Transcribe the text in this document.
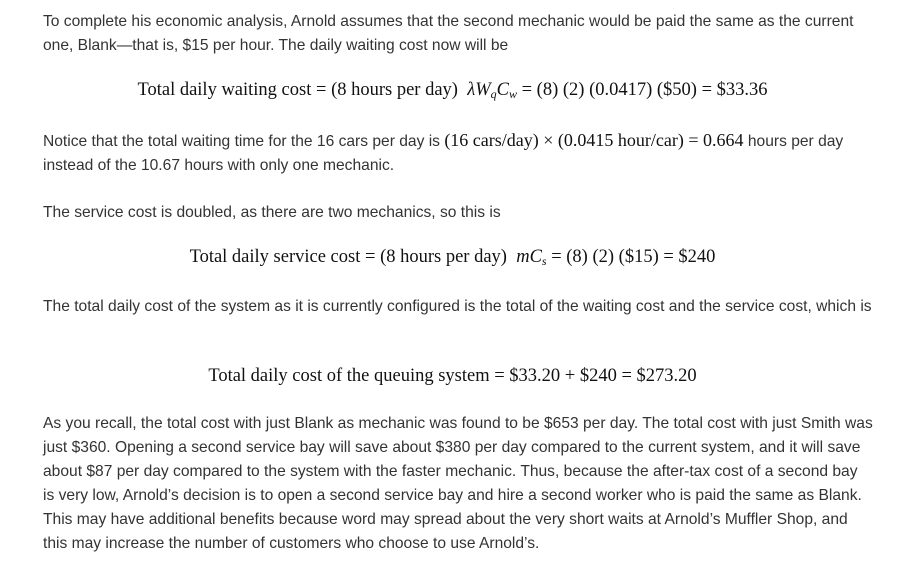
To complete his economic analysis, Arnold assumes that the second mechanic would be paid the same as the current one, Blank—that is, $15 per hour. The daily waiting cost now will be

Total daily waiting cost = (8 hours per day) $\lambda W_qC_w = (8)$ (2) (0.0417) ($50) = $33.36

Notice that the total waiting time for the 16 cars per day is (16 cars/day) × (0.0415 hour/car) = 0.664 hours per day instead of the 10.67 hours with only one mechanic.

The service cost is doubled, as there are two mechanics, so this is

Total daily service cost = (8 hours per day) $mC_s = (8)$ (2) ($15) = $240

The total daily cost of the system as it is currently configured is the total of the waiting cost and the service cost, which is

Total daily cost of the queuing system = $33.20 + $240 = $273.20

As you recall, the total cost with just Blank as mechanic was found to be $653 per day. The total cost with just Smith was just $360. Opening a second service bay will save about $380 per day compared to the current system, and it will save about $87 per day compared to the system with the faster mechanic. Thus, because the after-tax cost of a second bay is very low, Arnold’s decision is to open a second service bay and hire a second worker who is paid the same as Blank. This may have additional benefits because word may spread about the very short waits at Arnold’s Muffler Shop, and this may increase the number of customers who choose to use Arnold’s.
